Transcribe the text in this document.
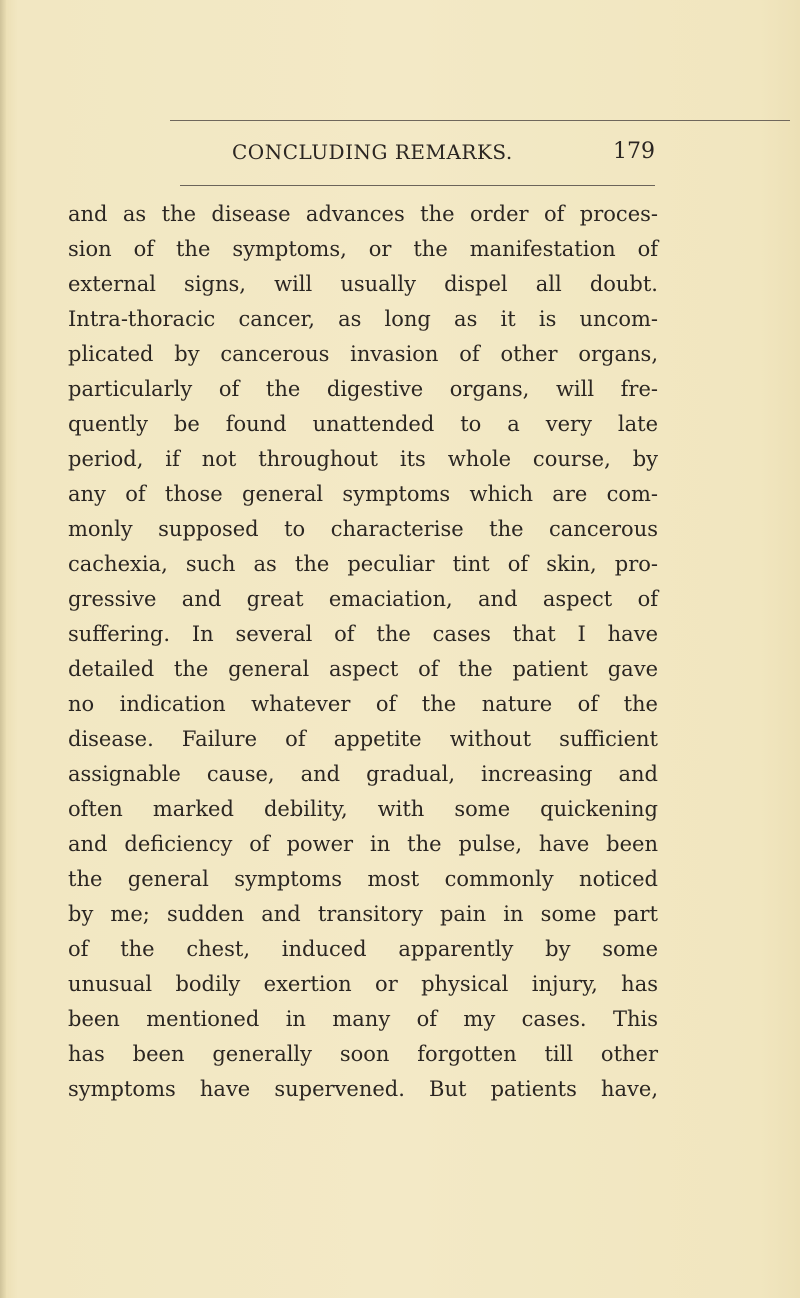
CONCLUDING REMARKS.	179
and as the disease advances the order of proces-
sion of the symptoms, or the manifestation of
external signs, will usually dispel all doubt.
Intra-thoracic cancer, as long as it is uncom-
plicated by cancerous invasion of other organs,
particularly of the digestive organs, will fre-
quently be found unattended to a very late
period, if not throughout its whole course, by
any of those general symptoms which are com-
monly supposed to characterise the cancerous
cachexia, such as the peculiar tint of skin, pro-
gressive and great emaciation, and aspect of
suffering. In several of the cases that I have
detailed the general aspect of the patient gave
no indication whatever of the nature of the
disease. Failure of appetite without sufficient
assignable cause, and gradual, increasing and
often marked debility, with some quickening
and deficiency of power in the pulse, have been
the general symptoms most commonly noticed
by me; sudden and transitory pain in some part
of the chest, induced apparently by some
unusual bodily exertion or physical injury, has
been mentioned in many of my cases. This
has been generally soon forgotten till other
symptoms have supervened. But patients have,
